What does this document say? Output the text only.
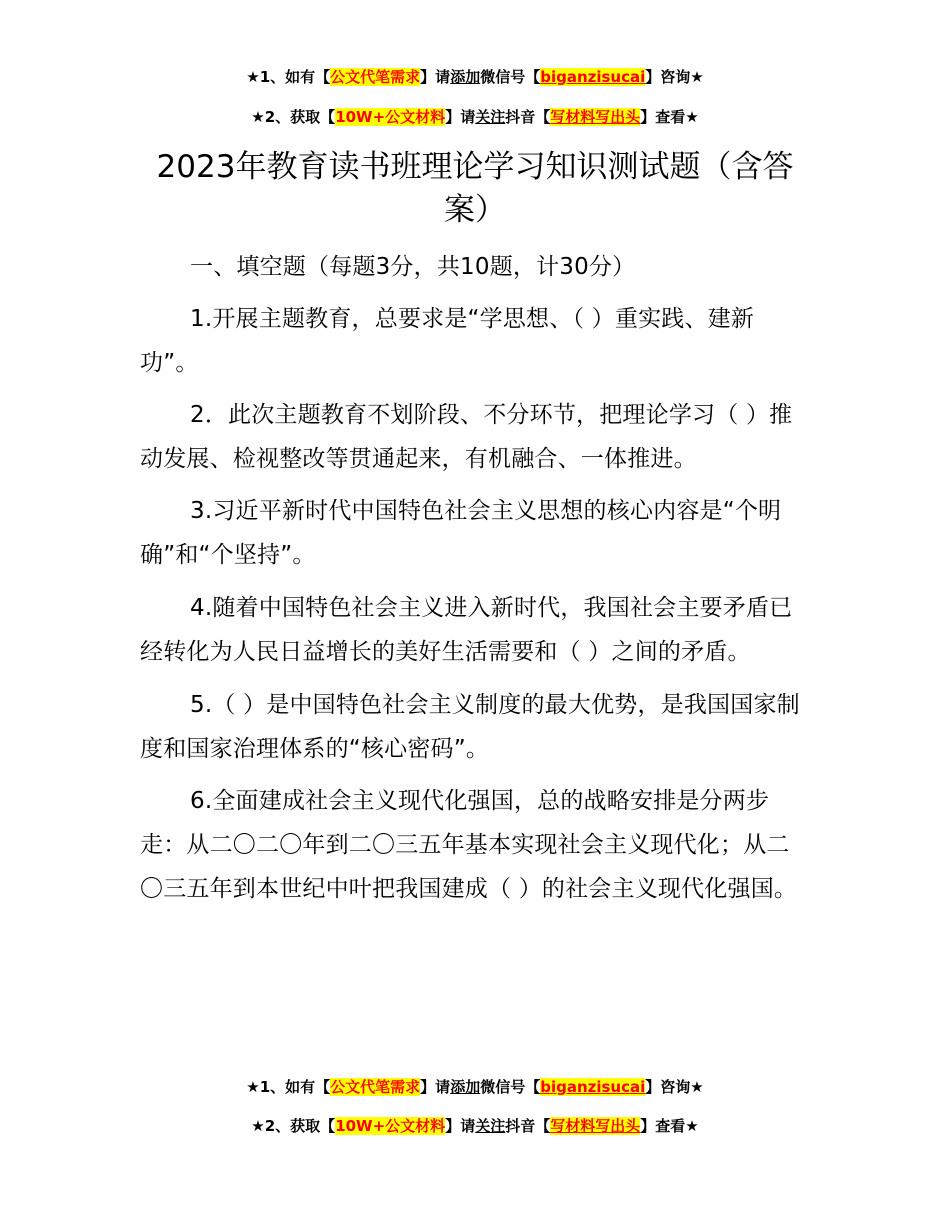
★1、如有【公文代笔需求】请添加微信号【biganzisucai】咨询★
★2、获取【10W+公文材料】请关注抖音【写材料写出头】查看★
2023年教育读书班理论学习知识测试题（含答案）
一、填空题（每题3分，共10题，计30分）
1.开展主题教育，总要求是“学思想、（ ）重实践、建新功”。
2．此次主题教育不划阶段、不分环节，把理论学习（ ）推动发展、检视整改等贯通起来，有机融合、一体推进。
3.习近平新时代中国特色社会主义思想的核心内容是“个明确”和“个坚持”。
4.随着中国特色社会主义进入新时代，我国社会主要矛盾已经转化为人民日益增长的美好生活需要和（ ）之间的矛盾。
5.（ ）是中国特色社会主义制度的最大优势，是我国国家制度和国家治理体系的“核心密码”。
6.全面建成社会主义现代化强国，总的战略安排是分两步走：从二〇二〇年到二〇三五年基本实现社会主义现代化；从二〇三五年到本世纪中叶把我国建成（ ）的社会主义现代化强国。
★1、如有【公文代笔需求】请添加微信号【biganzisucai】咨询★
★2、获取【10W+公文材料】请关注抖音【写材料写出头】查看★
